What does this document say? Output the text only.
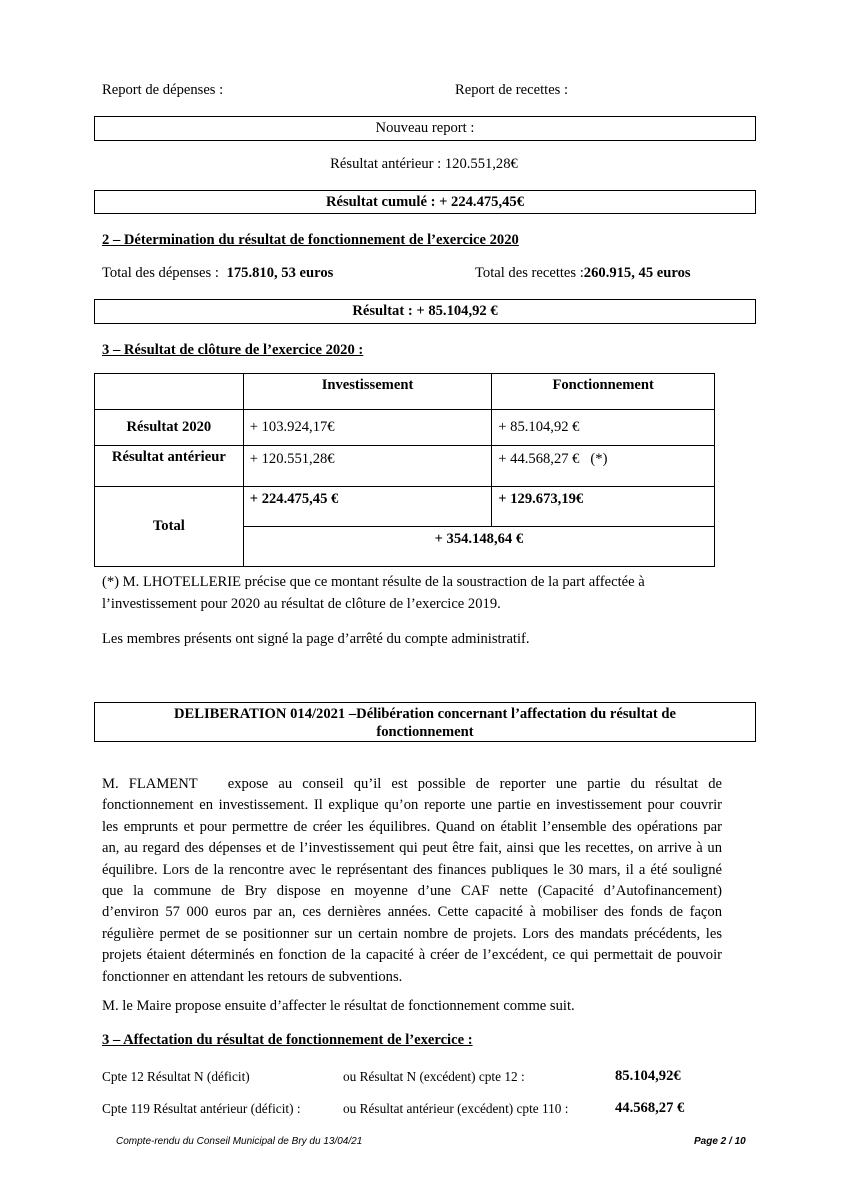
Report de dépenses :	Report de recettes :
Nouveau report :
Résultat antérieur : 120.551,28€
Résultat cumulé : + 224.475,45€
2 – Détermination du résultat de fonctionnement de l’exercice 2020
Total des dépenses : 175.810, 53 euros	Total des recettes :260.915, 45 euros
Résultat : + 85.104,92 €
3 – Résultat de clôture de l’exercice 2020 :
	Investissement	Fonctionnement
Résultat 2020	+ 103.924,17€	+ 85.104,92 €
Résultat antérieur	+ 120.551,28€	+ 44.568,27 €   (*)
Total	+ 224.475,45 €	+ 129.673,19€
	+ 354.148,64 €	
(*) M. LHOTELLERIE précise que ce montant résulte de la soustraction de la part affectée à
l’investissement pour 2020 au résultat de clôture de l’exercice 2019.
Les membres présents ont signé la page d’arrêté du compte administratif.
DELIBERATION 014/2021 –Délibération concernant l’affectation du résultat de
fonctionnement
M. FLAMENT   expose au conseil qu’il est possible de reporter une partie du résultat de
fonctionnement en investissement. Il explique qu’on reporte une partie en investissement pour couvrir
les emprunts et pour permettre de créer les équilibres. Quand on établit l’ensemble des opérations par
an, au regard des dépenses et de l’investissement qui peut être fait, ainsi que les recettes, on arrive à un
équilibre. Lors de la rencontre avec le représentant des finances publiques le 30 mars, il a été souligné
que la commune de Bry dispose en moyenne d’une CAF nette (Capacité d’Autofinancement)
d’environ 57 000 euros par an, ces dernières années. Cette capacité à mobiliser des fonds de façon
régulière permet de se positionner sur un certain nombre de projets. Lors des mandats précédents, les
projets étaient déterminés en fonction de la capacité à créer de l’excédent, ce qui permettait de pouvoir
fonctionner en attendant les retours de subventions.
M. le Maire propose ensuite d’affecter le résultat de fonctionnement comme suit.
3 – Affectation du résultat de fonctionnement de l’exercice :
Cpte 12 Résultat N (déficit)	ou Résultat N (excédent) cpte 12 :	85.104,92€
Cpte 119 Résultat antérieur (déficit) :	ou Résultat antérieur (excédent) cpte 110 :	44.568,27 €
Compte-rendu du Conseil Municipal de Bry du 13/04/21	Page 2 / 10
